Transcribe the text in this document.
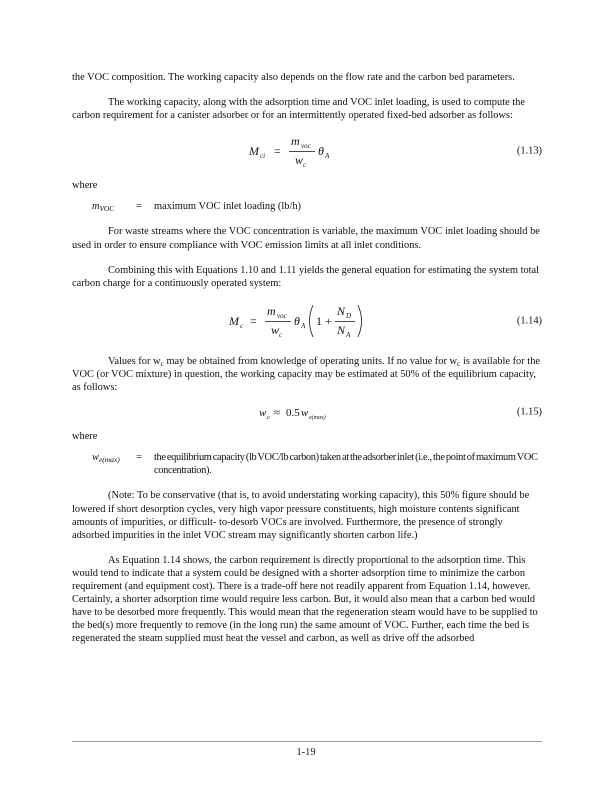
the VOC composition. The working capacity also depends on the flow rate and the carbon bed parameters.

The working capacity, along with the adsorption time and VOC inlet loading, is used to compute the carbon requirement for a canister adsorber or for an intermittently operated fixed-bed adsorber as follows:

M ci =
m voc
w c
θ A	(1.13)

where

mVOC	=	maximum VOC inlet loading (lb/h)

For waste streams where the VOC concentration is variable, the maximum VOC inlet loading should be used in order to ensure compliance with VOC emission limits at all inlet conditions.

Combining this with Equations 1.10 and 1.11 yields the general equation for estimating the system total carbon charge for a continuously operated system:

M c =
m voc
w c
θ A 1 +
N D
N A
(1.14)

Values for wc may be obtained from knowledge of operating units. If no value for wc is available for the VOC (or VOC mixture) in question, the working capacity may be estimated at 50% of the equilibrium capacity, as follows:

w c ≈ 0.5 w e(max)
(1.15)

where

we(max)	=	the equilibrium capacity (lb VOC/lb carbon) taken at the adsorber inlet (i.e., the point of maximum VOC concentration).

(Note: To be conservative (that is, to avoid understating working capacity), this 50% figure should be lowered if short desorption cycles, very high vapor pressure constituents, high moisture contents significant amounts of impurities, or difficult- to-desorb VOCs are involved. Furthermore, the presence of strongly adsorbed impurities in the inlet VOC stream may significantly shorten carbon life.)

As Equation 1.14 shows, the carbon requirement is directly proportional to the adsorption time. This would tend to indicate that a system could be designed with a shorter adsorption time to minimize the carbon requirement (and equipment cost). There is a trade-off here not readily apparent from Equation 1.14, however. Certainly, a shorter adsorption time would require less carbon. But, it would also mean that a carbon bed would have to be desorbed more frequently. This would mean that the regeneration steam would have to be supplied to the bed(s) more frequently to remove (in the long run) the same amount of VOC. Further, each time the bed is regenerated the steam supplied must heat the vessel and carbon, as well as drive off the adsorbed

1-19
